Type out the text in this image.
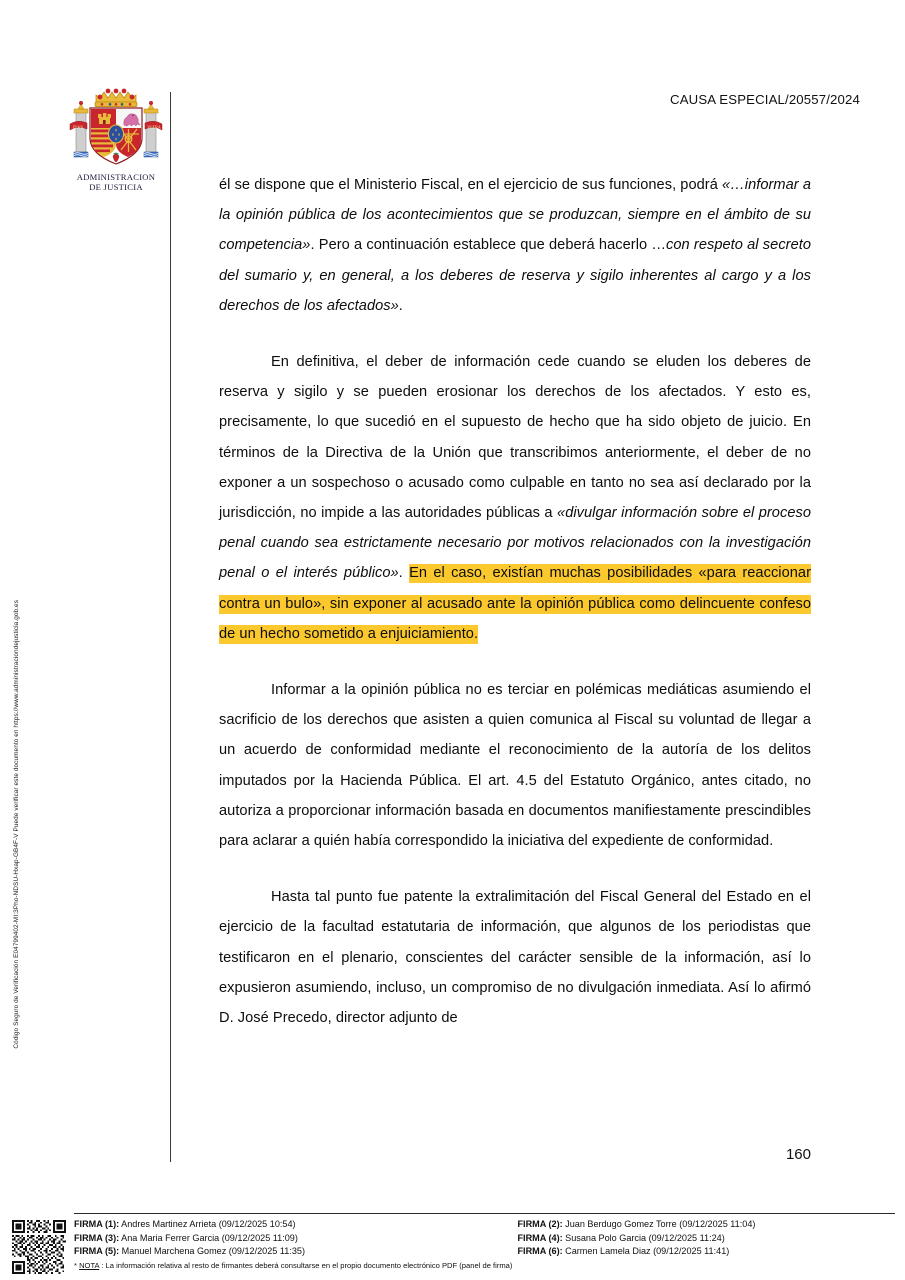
Código Seguro de Verificación E04799402-MI:3Pho-NDSU-Hxap-GB4F-V Puede verificar este documento en https://www.administraciondejusticia.gob.es
PLVS	VLTRA
ADMINISTRACION
DE JUSTICIA
CAUSA ESPECIAL/20557/2024

él se dispone que el Ministerio Fiscal, en el ejercicio de sus funciones, podrá «…informar a la opinión pública de los acontecimientos que se produzcan, siempre en el ámbito de su competencia». Pero a continuación establece que deberá hacerlo …con respeto al secreto del sumario y, en general, a los deberes de reserva y sigilo inherentes al cargo y a los derechos de los afectados».

En definitiva, el deber de información cede cuando se eluden los deberes de reserva y sigilo y se pueden erosionar los derechos de los afectados. Y esto es, precisamente, lo que sucedió en el supuesto de hecho que ha sido objeto de juicio. En términos de la Directiva de la Unión que transcribimos anteriormente, el deber de no exponer a un sospechoso o acusado como culpable en tanto no sea así declarado por la jurisdicción, no impide a las autoridades públicas a «divulgar información sobre el proceso penal cuando sea estrictamente necesario por motivos relacionados con la investigación penal o el interés público». En el caso, existían muchas posibilidades «para reaccionar contra un bulo», sin exponer al acusado ante la opinión pública como delincuente confeso de un hecho sometido a enjuiciamiento.

Informar a la opinión pública no es terciar en polémicas mediáticas asumiendo el sacrificio de los derechos que asisten a quien comunica al Fiscal su voluntad de llegar a un acuerdo de conformidad mediante el reconocimiento de la autoría de los delitos imputados por la Hacienda Pública. El art. 4.5 del Estatuto Orgánico, antes citado, no autoriza a proporcionar información basada en documentos manifiestamente prescindibles para aclarar a quién había correspondido la iniciativa del expediente de conformidad.

Hasta tal punto fue patente la extralimitación del Fiscal General del Estado en el ejercicio de la facultad estatutaria de información, que algunos de los periodistas que testificaron en el plenario, conscientes del carácter sensible de la información, así lo expusieron asumiendo, incluso, un compromiso de no divulgación inmediata. Así lo afirmó D. José Precedo, director adjunto de

160
FIRMA (1): Andres Martinez Arrieta (09/12/2025 10:54)
FIRMA (3): Ana Maria Ferrer Garcia (09/12/2025 11:09)
FIRMA (5): Manuel Marchena Gomez (09/12/2025 11:35)
FIRMA (2): Juan Berdugo Gomez Torre (09/12/2025 11:04)
FIRMA (4): Susana Polo Garcia (09/12/2025 11:24)
FIRMA (6): Carmen Lamela Diaz (09/12/2025 11:41)
* NOTA : La información relativa al resto de firmantes deberá consultarse en el propio documento electrónico PDF (panel de firma)
